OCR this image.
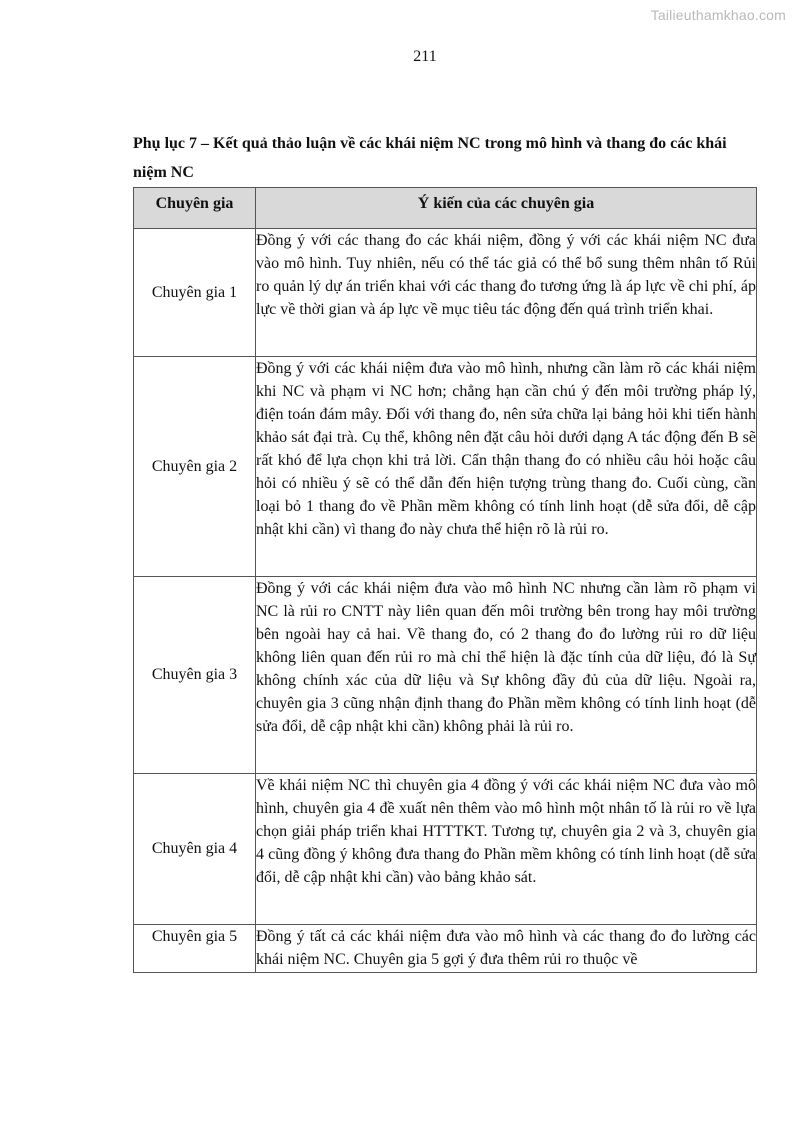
Tailieuthamkhao.com
211
Phụ lục 7 – Kết quả thảo luận về các khái niệm NC trong mô hình và thang đo các khái niệm NC
Chuyên gia	Ý kiến của các chuyên gia
Chuyên gia 1	Đồng ý với các thang đo các khái niệm, đồng ý với các khái niệm NC đưa vào mô hình. Tuy nhiên, nếu có thể tác giả có thể bổ sung thêm nhân tố Rủi ro quản lý dự án triển khai với các thang đo tương ứng là áp lực về chi phí, áp lực về thời gian và áp lực về mục tiêu tác động đến quá trình triển khai.
Chuyên gia 2	Đồng ý với các khái niệm đưa vào mô hình, nhưng cần làm rõ các khái niệm khi NC và phạm vi NC hơn; chẳng hạn cần chú ý đến môi trường pháp lý, điện toán đám mây. Đối với thang đo, nên sửa chữa lại bảng hỏi khi tiến hành khảo sát đại trà. Cụ thể, không nên đặt câu hỏi dưới dạng A tác động đến B sẽ rất khó để lựa chọn khi trả lời. Cẩn thận thang đo có nhiều câu hỏi hoặc câu hỏi có nhiều ý sẽ có thể dẫn đến hiện tượng trùng thang đo. Cuối cùng, cần loại bỏ 1 thang đo về Phần mềm không có tính linh hoạt (dễ sửa đổi, dễ cập nhật khi cần) vì thang đo này chưa thể hiện rõ là rủi ro.
Chuyên gia 3	Đồng ý với các khái niệm đưa vào mô hình NC nhưng cần làm rõ phạm vi NC là rủi ro CNTT này liên quan đến môi trường bên trong hay môi trường bên ngoài hay cả hai. Về thang đo, có 2 thang đo đo lường rủi ro dữ liệu không liên quan đến rủi ro mà chỉ thể hiện là đặc tính của dữ liệu, đó là Sự không chính xác của dữ liệu và Sự không đầy đủ của dữ liệu. Ngoài ra, chuyên gia 3 cũng nhận định thang đo Phần mềm không có tính linh hoạt (dễ sửa đổi, dễ cập nhật khi cần) không phải là rủi ro.
Chuyên gia 4	Về khái niệm NC thì chuyên gia 4 đồng ý với các khái niệm NC đưa vào mô hình, chuyên gia 4 đề xuất nên thêm vào mô hình một nhân tố là rủi ro về lựa chọn giải pháp triển khai HTTTKT. Tương tự, chuyên gia 2 và 3, chuyên gia 4 cũng đồng ý không đưa thang đo Phần mềm không có tính linh hoạt (dễ sửa đổi, dễ cập nhật khi cần) vào bảng khảo sát.
Chuyên gia 5	Đồng ý tất cả các khái niệm đưa vào mô hình và các thang đo đo lường các khái niệm NC. Chuyên gia 5 gợi ý đưa thêm rủi ro thuộc về
